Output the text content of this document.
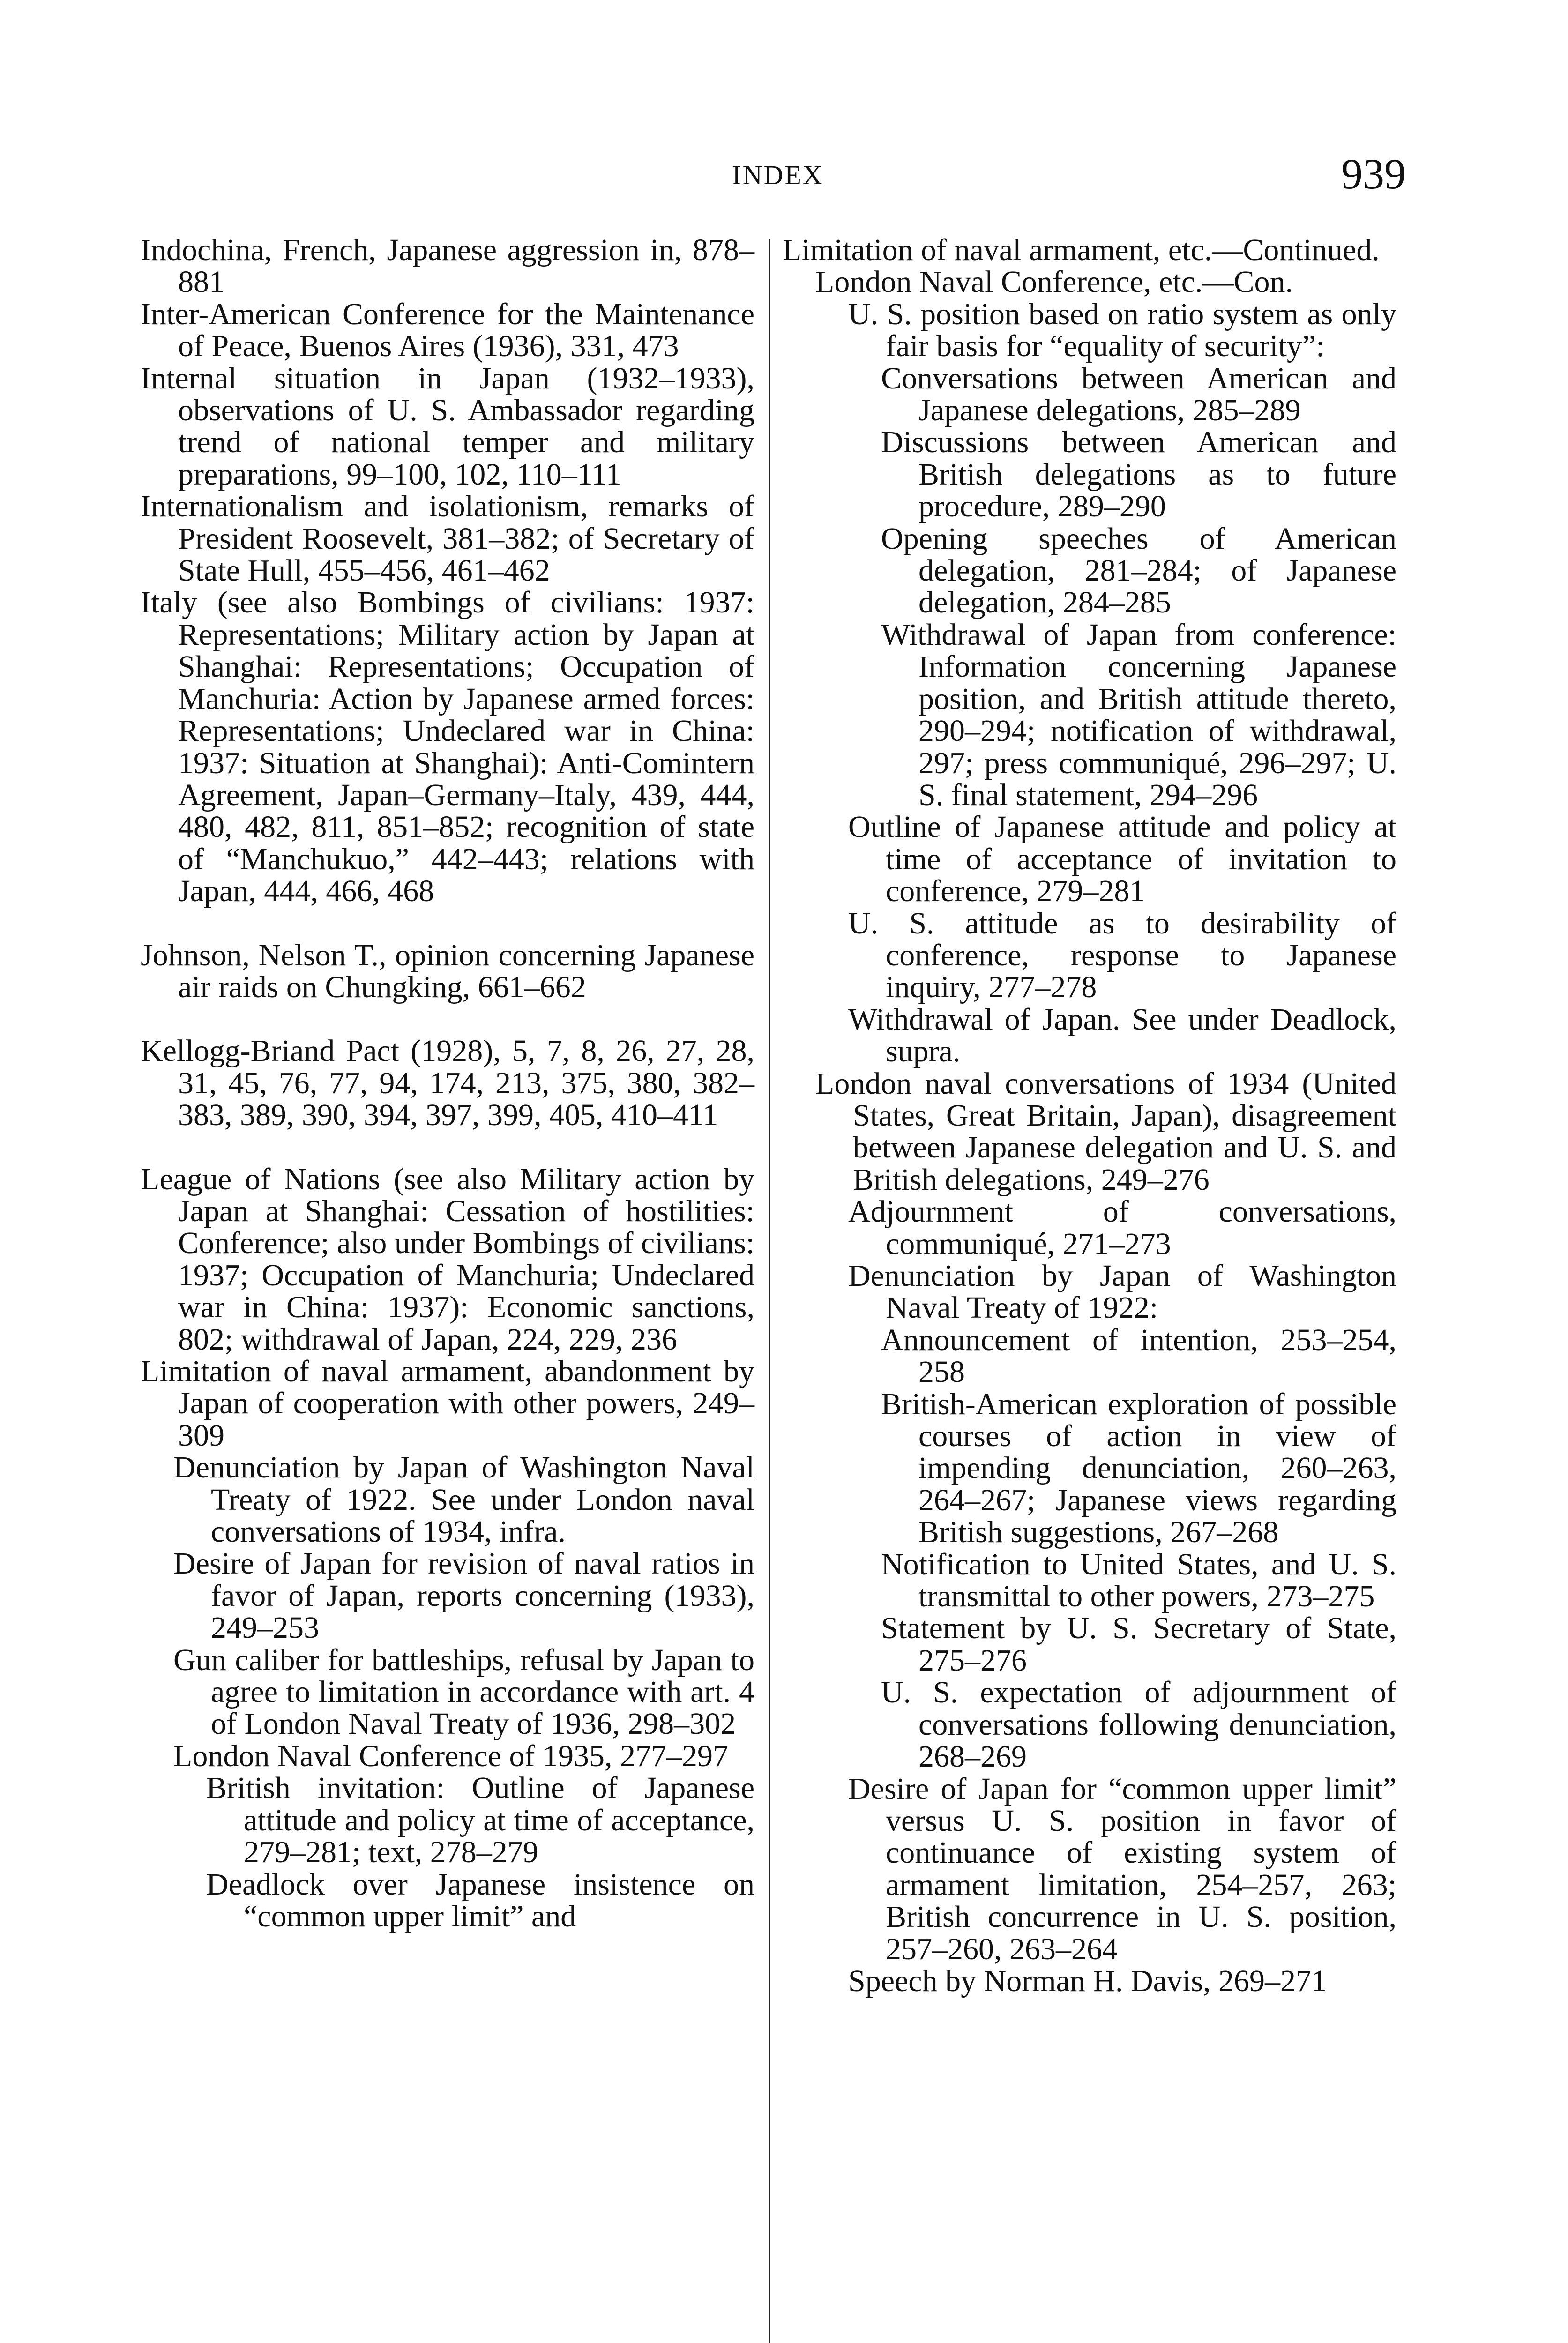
INDEX	939

Indochina, French, Japanese aggression in, 878–881

Inter-American Conference for the Maintenance of Peace, Buenos Aires (1936), 331, 473

Internal situation in Japan (1932–1933), observations of U. S. Ambassador regarding trend of national temper and military preparations, 99–100, 102, 110–111

Internationalism and isolationism, remarks of President Roosevelt, 381–382; of Secretary of State Hull, 455–456, 461–462

Italy (see also Bombings of civilians: 1937: Representations; Military action by Japan at Shanghai: Representations; Occupation of Manchuria: Action by Japanese armed forces: Representations; Undeclared war in China: 1937: Situation at Shanghai): Anti-Comintern Agreement, Japan–Germany–Italy, 439, 444, 480, 482, 811, 851–852; recognition of state of “Manchukuo,” 442–443; relations with Japan, 444, 466, 468

Johnson, Nelson T., opinion concerning Japanese air raids on Chungking, 661–662

Kellogg-Briand Pact (1928), 5, 7, 8, 26, 27, 28, 31, 45, 76, 77, 94, 174, 213, 375, 380, 382–383, 389, 390, 394, 397, 399, 405, 410–411

League of Nations (see also Military action by Japan at Shanghai: Cessation of hostilities: Conference; also under Bombings of civilians: 1937; Occupation of Manchuria; Undeclared war in China: 1937): Economic sanctions, 802; withdrawal of Japan, 224, 229, 236

Limitation of naval armament, abandonment by Japan of cooperation with other powers, 249–309

Denunciation by Japan of Washington Naval Treaty of 1922. See under London naval conversations of 1934, infra.

Desire of Japan for revision of naval ratios in favor of Japan, reports concerning (1933), 249–253

Gun caliber for battleships, refusal by Japan to agree to limitation in accordance with art. 4 of London Naval Treaty of 1936, 298–302

London Naval Conference of 1935, 277–297

British invitation: Outline of Japanese attitude and policy at time of acceptance, 279–281; text, 278–279

Deadlock over Japanese insistence on “common upper limit” and

Limitation of naval armament, etc.—Continued.

London Naval Conference, etc.—Con.

U. S. position based on ratio system as only fair basis for “equality of security”:

Conversations between American and Japanese delegations, 285–289

Discussions between American and British delegations as to future procedure, 289–290

Opening speeches of American delegation, 281–284; of Japanese delegation, 284–285

Withdrawal of Japan from conference: Information concerning Japanese position, and British attitude thereto, 290–294; notification of withdrawal, 297; press communiqué, 296–297; U. S. final statement, 294–296

Outline of Japanese attitude and policy at time of acceptance of invitation to conference, 279–281

U. S. attitude as to desirability of conference, response to Japanese inquiry, 277–278

Withdrawal of Japan. See under Deadlock, supra.

London naval conversations of 1934 (United States, Great Britain, Japan), disagreement between Japanese delegation and U. S. and British delegations, 249–276

Adjournment of conversations, communiqué, 271–273

Denunciation by Japan of Washington Naval Treaty of 1922:

Announcement of intention, 253–254, 258

British-American exploration of possible courses of action in view of impending denunciation, 260–263, 264–267; Japanese views regarding British suggestions, 267–268

Notification to United States, and U. S. transmittal to other powers, 273–275

Statement by U. S. Secretary of State, 275–276

U. S. expectation of adjournment of conversations following denunciation, 268–269

Desire of Japan for “common upper limit” versus U. S. position in favor of continuance of existing system of armament limitation, 254–257, 263; British concurrence in U. S. position, 257–260, 263–264

Speech by Norman H. Davis, 269–271
